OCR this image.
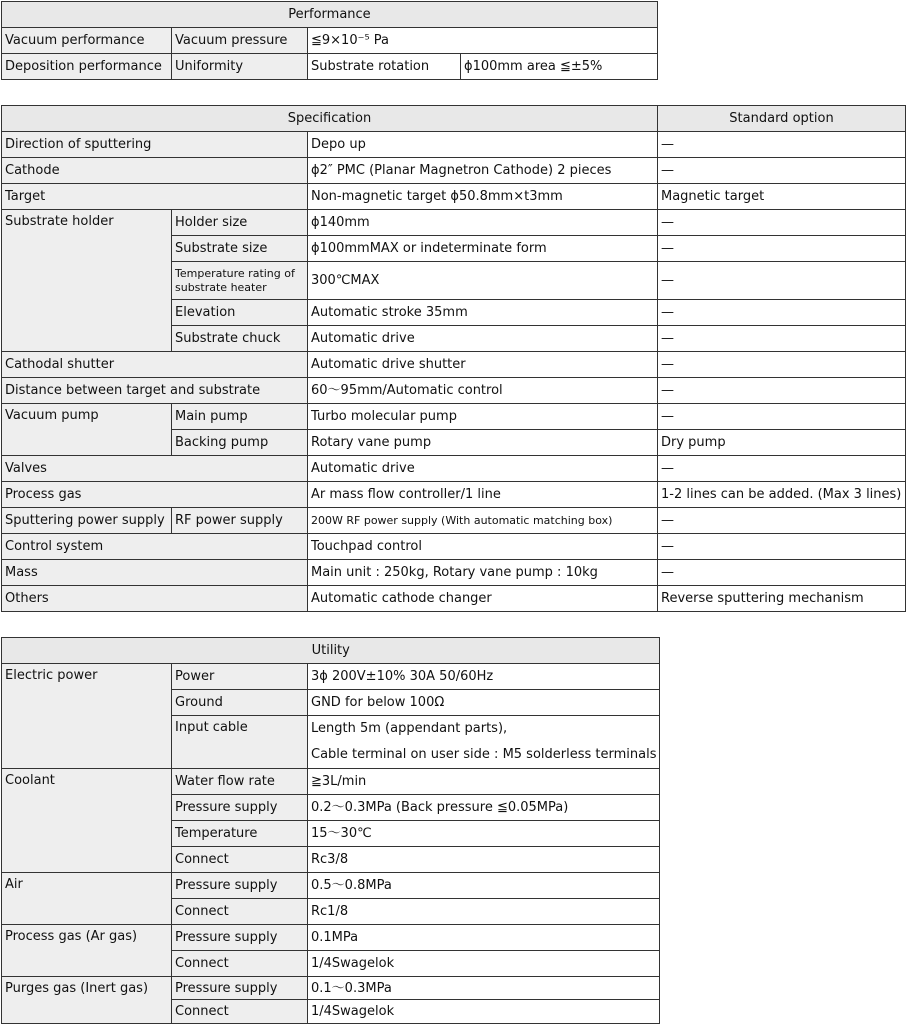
Performance			
Vacuum performance	Vacuum pressure	≦9×10⁻⁵ Pa	
Deposition performance	Uniformity	Substrate rotation	ϕ100mm area ≦±5%
Specification			Standard option
Direction of sputtering		Depo up	—
Cathode		ϕ2″ PMC (Planar Magnetron Cathode) 2 pieces	—
Target		Non-magnetic target ϕ50.8mm×t3mm	Magnetic target
Substrate holder	Holder size	ϕ140mm	—
	Substrate size	ϕ100mmMAX or indeterminate form	—
	Temperature rating of substrate heater	300℃MAX	—
	Elevation	Automatic stroke 35mm	—
	Substrate chuck	Automatic drive	—
Cathodal shutter		Automatic drive shutter	—
Distance between target and substrate		60～95mm/Automatic control	—
Vacuum pump	Main pump	Turbo molecular pump	—
	Backing pump	Rotary vane pump	Dry pump
Valves		Automatic drive	—
Process gas		Ar mass flow controller/1 line	1-2 lines can be added. (Max 3 lines)
Sputtering power supply	RF power supply	200W RF power supply (With automatic matching box)	—
Control system		Touchpad control	—
Mass		Main unit : 250kg, Rotary vane pump : 10kg	—
Others		Automatic cathode changer	Reverse sputtering mechanism
Utility		
Electric power	Power	3ϕ 200V±10% 30A 50/60Hz
	Ground	GND for below 100Ω
	Input cable	Length 5m (appendant parts),
Cable terminal on user side : M5 solderless terminals

Coolant	Water flow rate	≧3L/min
	Pressure supply	0.2～0.3MPa (Back pressure ≦0.05MPa)
	Temperature	15～30℃
	Connect	Rc3/8
Air	Pressure supply	0.5～0.8MPa
	Connect	Rc1/8
Process gas (Ar gas)	Pressure supply	0.1MPa
	Connect	1/4Swagelok
Purges gas (Inert gas)	Pressure supply	0.1～0.3MPa
	Connect	1/4Swagelok
